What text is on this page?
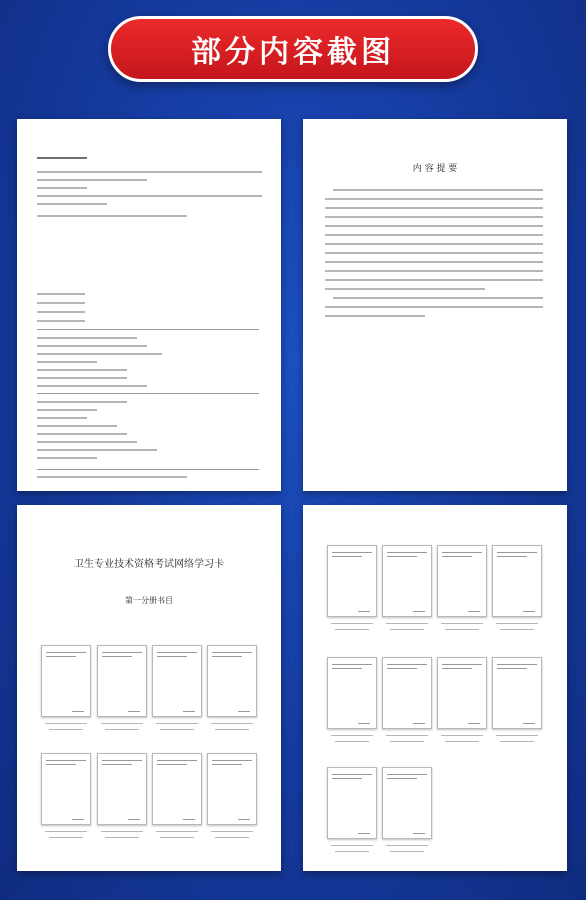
部分内容截图
内 容 提 要
卫生专业技术资格考试网络学习卡
第一分册书目
